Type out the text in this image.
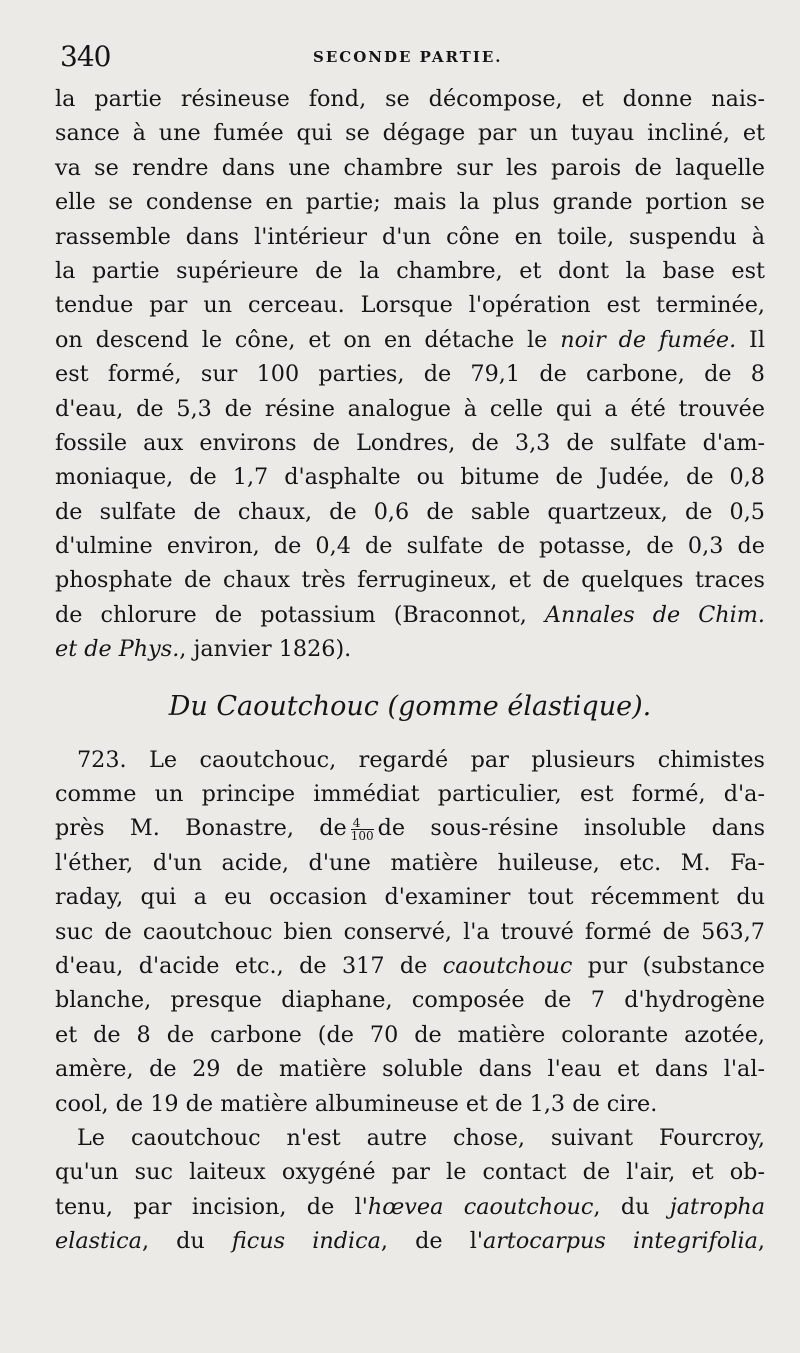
340	SECONDE PARTIE.
la partie résineuse fond, se décompose, et donne nais-
sance à une fumée qui se dégage par un tuyau incliné, et
va se rendre dans une chambre sur les parois de laquelle
elle se condense en partie; mais la plus grande portion se
rassemble dans l'intérieur d'un cône en toile, suspendu à
la partie supérieure de la chambre, et dont la base est
tendue par un cerceau. Lorsque l'opération est terminée,
on descend le cône, et on en détache le noir de fumée. Il
est formé, sur 100 parties, de 79,1 de carbone, de 8
d'eau, de 5,3 de résine analogue à celle qui a été trouvée
fossile aux environs de Londres, de 3,3 de sulfate d'am-
moniaque, de 1,7 d'asphalte ou bitume de Judée, de 0,8
de sulfate de chaux, de 0,6 de sable quartzeux, de 0,5
d'ulmine environ, de 0,4 de sulfate de potasse, de 0,3 de
phosphate de chaux très ferrugineux, et de quelques traces
de chlorure de potassium (Braconnot, Annales de Chim.
et de Phys., janvier 1826).
Du Caoutchouc (gomme élastique).
723. Le caoutchouc, regardé par plusieurs chimistes
comme un principe immédiat particulier, est formé, d'a-
près M. Bonastre, de $\frac{4}{100}$ de sous-résine insoluble dans
l'éther, d'un acide, d'une matière huileuse, etc. M. Fa-
raday, qui a eu occasion d'examiner tout récemment du
suc de caoutchouc bien conservé, l'a trouvé formé de 563,7
d'eau, d'acide etc., de 317 de caoutchouc pur (substance
blanche, presque diaphane, composée de 7 d'hydrogène
et de 8 de carbone (de 70 de matière colorante azotée,
amère, de 29 de matière soluble dans l'eau et dans l'al-
cool, de 19 de matière albumineuse et de 1,3 de cire.
Le caoutchouc n'est autre chose, suivant Fourcroy,
qu'un suc laiteux oxygéné par le contact de l'air, et ob-
tenu, par incision, de l'hœvea caoutchouc, du jatropha
elastica, du ficus indica, de l'artocarpus integrifolia,
